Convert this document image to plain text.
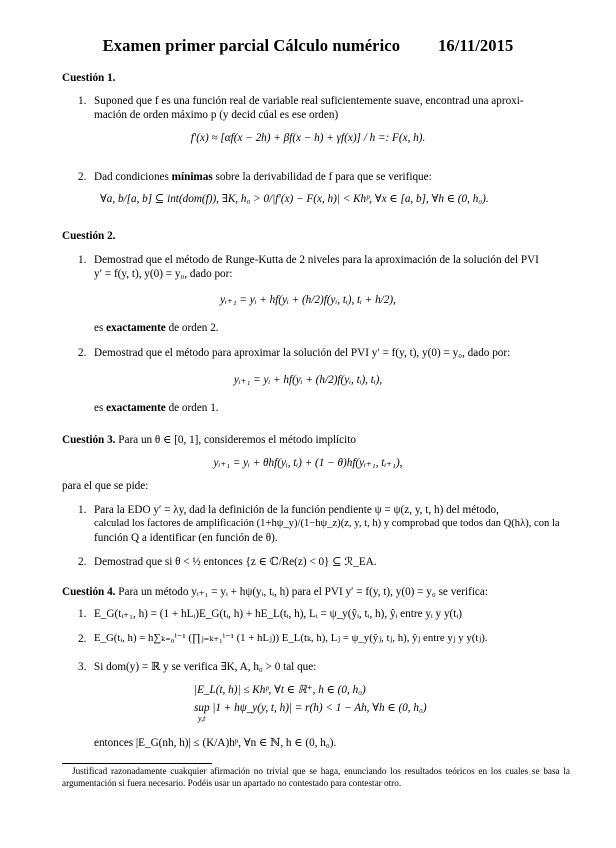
Examen primer parcial Cálculo numérico 16/11/2015
Cuestión 1.
1. Suponed que f es una función real de variable real suficientemente suave, encontrad una aproxi-
mación de orden máximo p (y decid cúal es ese orden)
f′(x) ≈ [αf(x − 2h) + βf(x − h) + γf(x)] / h =: F(x, h).
2. Dad condiciones mínimas sobre la derivabilidad de f para que se verifique:
∀a, b/[a, b] ⊆ int(dom(f)), ∃K, h₀ > 0/|f′(x) − F(x, h)| < Khᵖ, ∀x ∈ [a, b], ∀h ∈ (0, h₀).
Cuestión 2.
1. Demostrad que el método de Runge-Kutta de 2 niveles para la aproximación de la solución del PVI
y′ = f(y, t), y(0) = y₀, dado por:
yᵢ₊₁ = yᵢ + hf(yᵢ + (h/2)f(yᵢ, tᵢ), tᵢ + h/2),
es exactamente de orden 2.
2. Demostrad que el método para aproximar la solución del PVI y′ = f(y, t), y(0) = y₀, dado por:
yᵢ₊₁ = yᵢ + hf(yᵢ + (h/2)f(yᵢ, tᵢ), tᵢ),
es exactamente de orden 1.
Cuestión 3. Para un θ ∈ [0, 1], consideremos el método implícito
yᵢ₊₁ = yᵢ + θhf(yᵢ, tᵢ) + (1 − θ)hf(yᵢ₊₁, tᵢ₊₁),
para el que se pide:
1. Para la EDO y′ = λy, dad la definición de la función pendiente ψ = ψ(z, y, t, h) del método,
calculad los factores de amplificación (1+hψ_y)/(1−hψ_z)(z, y, t, h) y comprobad que todos dan Q(hλ), con la
función Q a identificar (en función de θ).
2. Demostrad que si θ < ½ entonces {z ∈ ℂ/Re(z) < 0} ⊆ ℛ_EA.
Cuestión 4. Para un método yᵢ₊₁ = yᵢ + hψ(yᵢ, tᵢ, h) para el PVI y′ = f(y, t), y(0) = y₀ se verifica:
1. E_G(tᵢ₊₁, h) = (1 + hLᵢ)E_G(tᵢ, h) + hE_L(tᵢ, h), Lᵢ = ψ_y(ŷᵢ, tᵢ, h), ŷᵢ entre yᵢ y y(tᵢ)
2. E_G(tᵢ, h) = h∑ₖ₌₀ⁱ⁻¹ (∏ⱼ₌ₖ₊₁ⁱ⁻¹ (1 + hLⱼ)) E_L(tₖ, h), Lⱼ = ψ_y(ŷⱼ, tⱼ, h), ŷⱼ entre yⱼ y y(tⱼ).
3. Si dom(y) = ℝ y se verifica ∃K, A, h₀ > 0 tal que:
|E_L(t, h)| ≤ Khᵖ, ∀t ∈ ℝ⁺, h ∈ (0, h₀)
sup |1 + hψ_y(y, t, h)| = r(h) < 1 − Ah, ∀h ∈ (0, h₀)
y,t
entonces |E_G(nh, h)| ≤ (K/A)hᵖ, ∀n ∈ ℕ, h ∈ (0, h₀).
Justificad razonadamente cuakquier afirmación no trivial que se haga, enunciando los resultados teóricos en los cuales se basa la argumentación si fuera necesario. Podéis usar un apartado no contestado para contestar otro.
